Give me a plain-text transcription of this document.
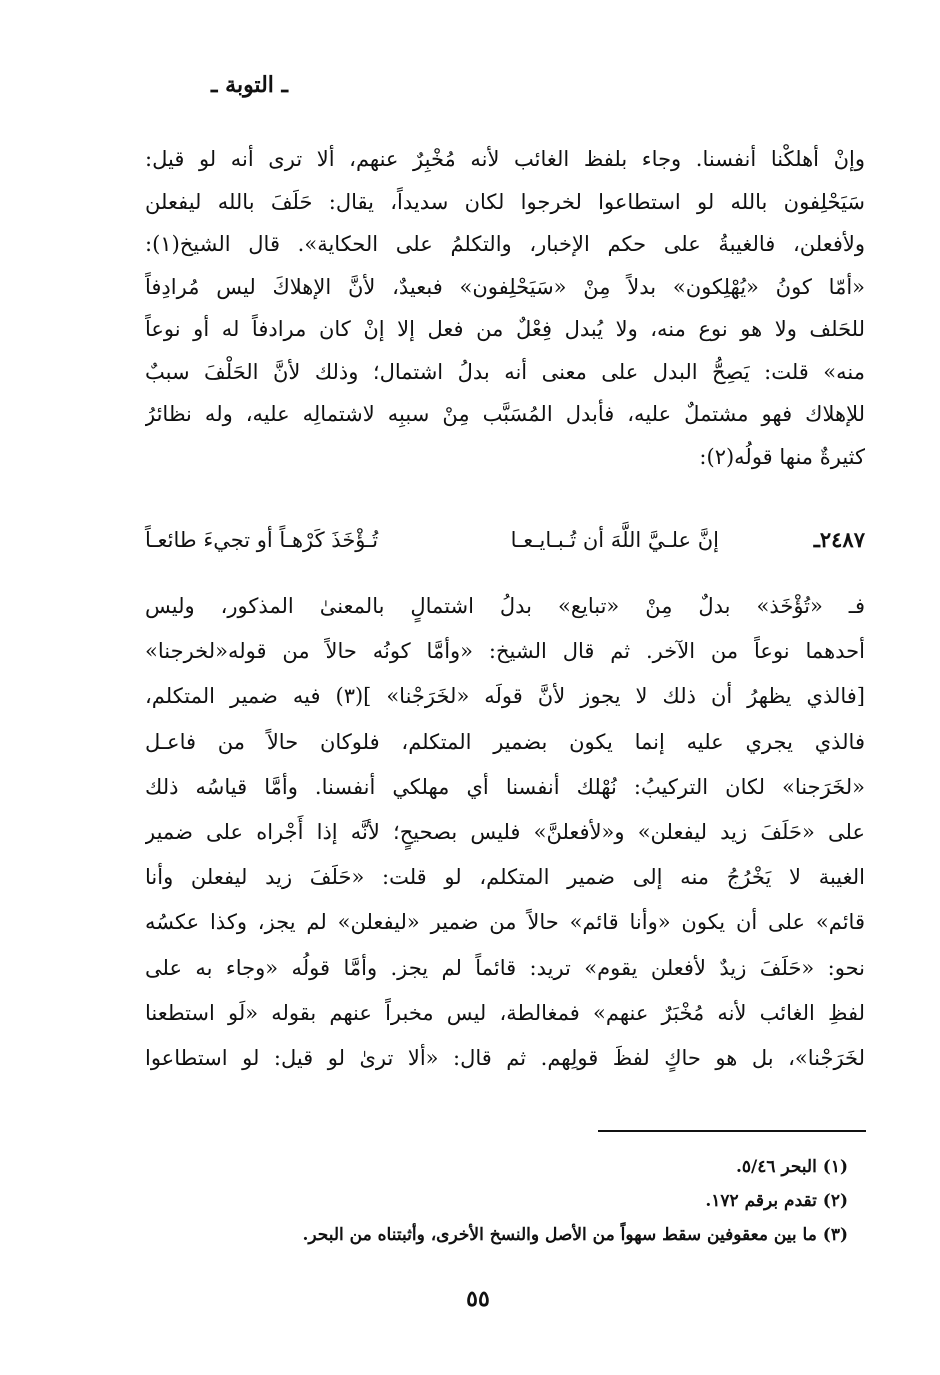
ـ التوبة ـ
وإنْ أهلكْنا أنفسنا. وجاء بلفظ الغائب لأنه مُخْبِرٌ عنهم، ألا ترى أنه لو قيل:
سَيَحْلِفون بالله لو استطاعوا لخرجوا لكان سديداً، يقال: حَلَفَ بالله ليفعلن
ولأفعلن، فالغيبةُ على حكم الإخبار، والتكلمُ على الحكاية». قال الشيخ(١):
«أمّا كونُ «يُهْلِكون» بدلاً مِنْ «سَيَحْلِفون» فبعيدٌ، لأنَّ الإهلاكَ ليس مُرادِفاً
للحَلف ولا هو نوع منه، ولا يُبدل فِعْلٌ من فعل إلا إنْ كان مرادفاً له أو نوعاً
منه» قلت: يَصِحُّ البدل على معنى أنه بدلُ اشتمال؛ وذلك لأنَّ الحَلْفَ سببٌ
للإهلاك فهو مشتملٌ عليه، فأبدل المُسَبَّب مِنْ سببِه لاشتمالِه عليه، وله نظائرُ
كثيرةٌ منها قولُه(٢):
٢٤٨٧ـ
إنَّ علـيَّ اللَّهَ أن تُـبـايـعـا
تُـؤْخَذَ كَرْهـاً أو تجيءَ طائعـاً
فـ «تُؤْخَذ» بدلٌ مِنْ «تبايع» بدلُ اشتمالٍ بالمعنىٰ المذكور، وليس
أحدهما نوعاً من الآخر. ثم قال الشيخ: «وأمَّا كونُه حالاً من قوله«لخرجنا»
[فالذي يظهرُ أن ذلك لا يجوز لأنَّ قولَه «لخَرَجْنا» ](٣) فيه ضمير المتكلم،
فالذي يجري عليه إنما يكون بضمير المتكلم، فلوكان حالاً من فاعـل
«لخَرَجنا» لكان التركيبُ: نُهْلك أنفسنا أي مهلكي أنفسنا. وأمَّا قياسُه ذلك
على «حَلَفَ زيد ليفعلن» و«لأفعلنَّ» فليس بصحيحٍ؛ لأنَّه إذا أَجْراه على ضمير
الغيبة لا يَخْرُجُ منه إلى ضمير المتكلم، لو قلت: «حَلَفَ زيد ليفعلن وأنا
قائم» على أن يكون «وأنا قائم» حالاً من ضمير «ليفعلن» لم يجز، وكذا عكسُه
نحو: «حَلَفَ زيدٌ لأفعلن يقوم» تريد: قائماً لم يجز. وأمَّا قولُه «وجاء به على
لفظِ الغائب لأنه مُخْبَرٌ عنهم» فمغالطة، ليس مخبراً عنهم بقوله «لَو استطعنا
لخَرَجْنا»، بل هو حاكٍ لفظَ قولِهم. ثم قال: «ألا ترىٰ لو قيل: لو استطاعوا
(١) البحر ٥/٤٦.
(٢) تقدم برقم ١٧٢.
(٣) ما بين معقوفين سقط سهواً من الأصل والنسخ الأخرى، وأثبتناه من البحر.
٥٥
